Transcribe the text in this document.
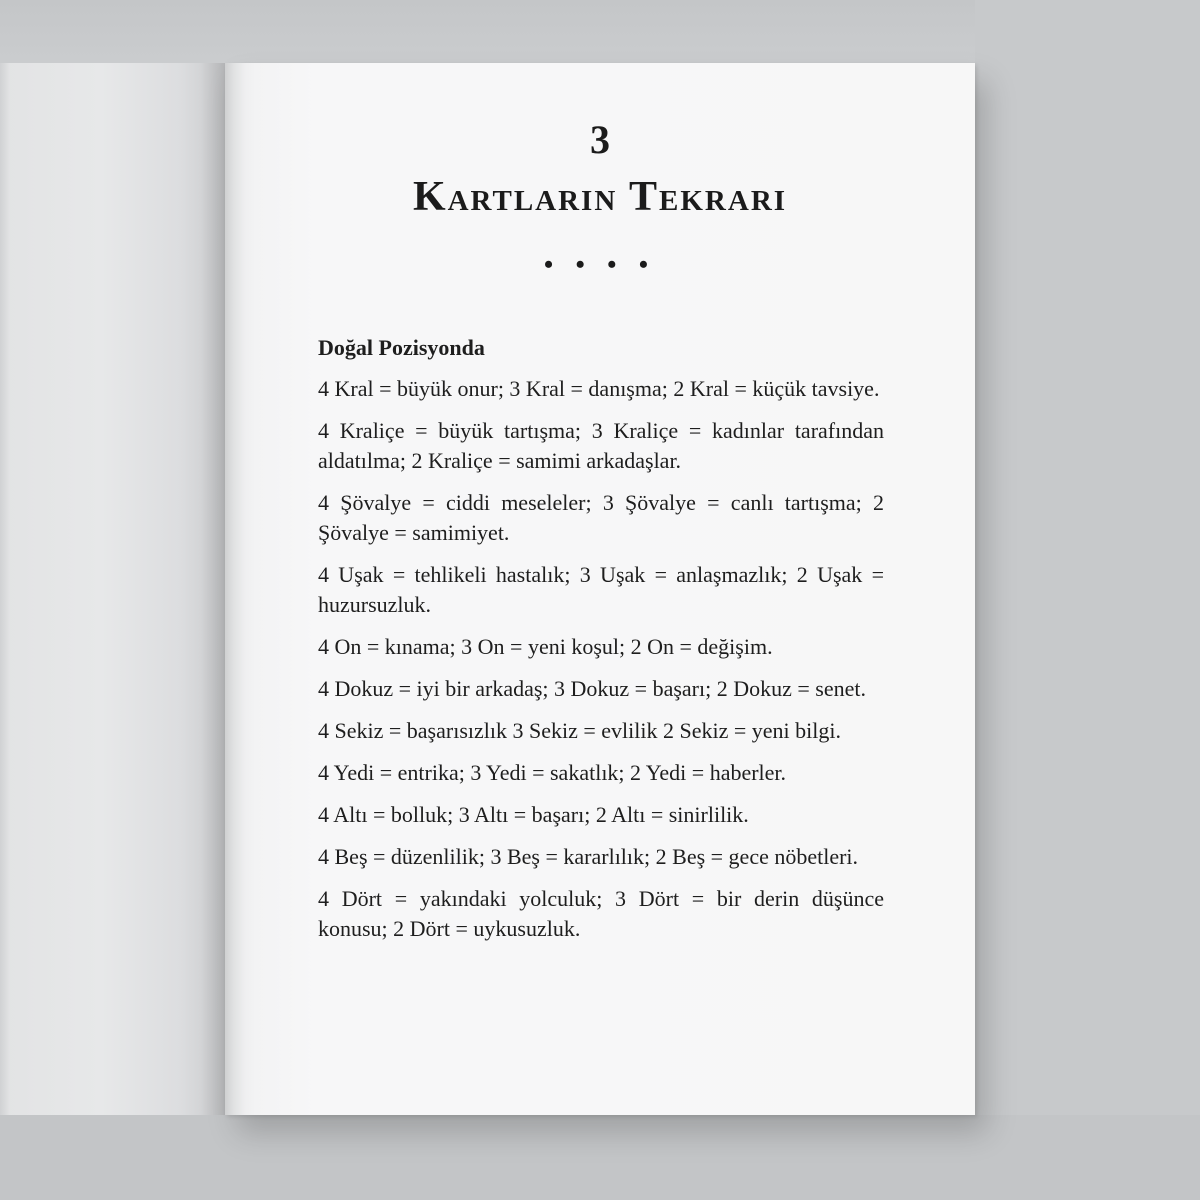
3
Kartların Tekrarı
• • • •
Doğal Pozisyonda

4 Kral = büyük onur; 3 Kral = danışma; 2 Kral = küçük tavsiye.

4 Kraliçe = büyük tartışma; 3 Kraliçe = kadınlar tarafından aldatılma; 2 Kraliçe = samimi arkadaşlar.

4 Şövalye = ciddi meseleler; 3 Şövalye = canlı tartışma; 2 Şövalye = samimiyet.

4 Uşak = tehlikeli hastalık; 3 Uşak = anlaşmazlık; 2 Uşak = huzursuzluk.

4 On = kınama; 3 On = yeni koşul; 2 On = değişim.

4 Dokuz = iyi bir arkadaş; 3 Dokuz = başarı; 2 Dokuz = senet.

4 Sekiz = başarısızlık 3 Sekiz = evlilik 2 Sekiz = yeni bilgi.

4 Yedi = entrika; 3 Yedi = sakatlık; 2 Yedi = haberler.

4 Altı = bolluk; 3 Altı = başarı; 2 Altı = sinirlilik.

4 Beş = düzenlilik; 3 Beş = kararlılık; 2 Beş = gece nöbetleri.

4 Dört = yakındaki yolculuk; 3 Dört = bir derin düşünce konusu; 2 Dört = uykusuzluk.
